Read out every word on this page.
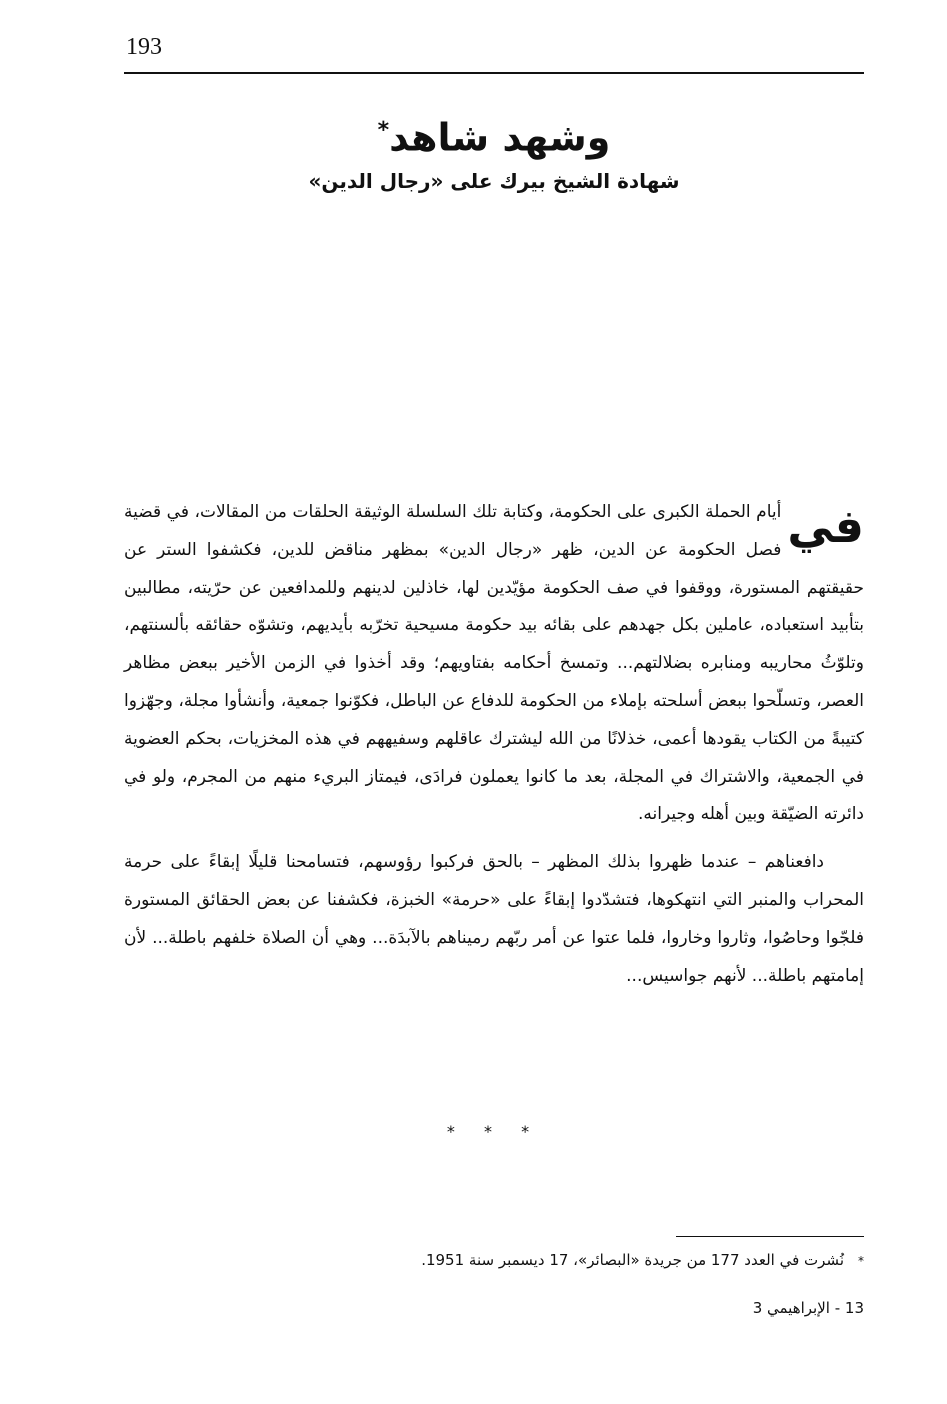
193
وشهد شاهد*
شهادة الشيخ بيرك على «رجال الدين»

في
أيام الحملة الكبرى على الحكومة، وكتابة تلك السلسلة الوثيقة الحلقات من المقالات، في قضية فصل الحكومة عن الدين، ظهر «رجال الدين» بمظهر مناقض للدين، فكشفوا الستر عن حقيقتهم المستورة، ووقفوا في صف الحكومة مؤيّدين لها، خاذلين لدينهم وللمدافعين عن حرّيته، مطالبين بتأبيد استعباده، عاملين بكل جهدهم على بقائه بيد حكومة مسيحية تخرّبه بأيديهم، وتشوّه حقائقه بألسنتهم، وتلوّثُ محاريبه ومنابره بضلالتهم... وتمسخ أحكامه بفتاويهم؛ وقد أخذوا في الزمن الأخير ببعض مظاهر العصر، وتسلّحوا ببعض أسلحته بإملاء من الحكومة للدفاع عن الباطل، فكوّنوا جمعية، وأنشأوا مجلة، وجهّزوا كتيبةً من الكتاب يقودها أعمى، خذلانًا من الله ليشترك عاقلهم وسفيههم في هذه المخزيات، بحكم العضوية في الجمعية، والاشتراك في المجلة، بعد ما كانوا يعملون فرادَى، فيمتاز البريء منهم من المجرم، ولو في دائرته الضيّقة وبين أهله وجيرانه.

دافعناهم – عندما ظهروا بذلك المظهر – بالحق فركبوا رؤوسهم، فتسامحنا قليلًا إبقاءً على حرمة المحراب والمنبر التي انتهكوها، فتشدّدوا إبقاءً على «حرمة» الخبزة، فكشفنا عن بعض الحقائق المستورة فلجّوا وحاصُوا، وثاروا وخاروا، فلما عتوا عن أمر ربّهم رميناهم بالآبدَة... وهي أن الصلاة خلفهم باطلة... لأن إمامتهم باطلة... لأنهم جواسيس...

* * *
*نُشرت في العدد 177 من جريدة «البصائر»، 17 ديسمبر سنة 1951.
13 - الإبراهيمي 3
